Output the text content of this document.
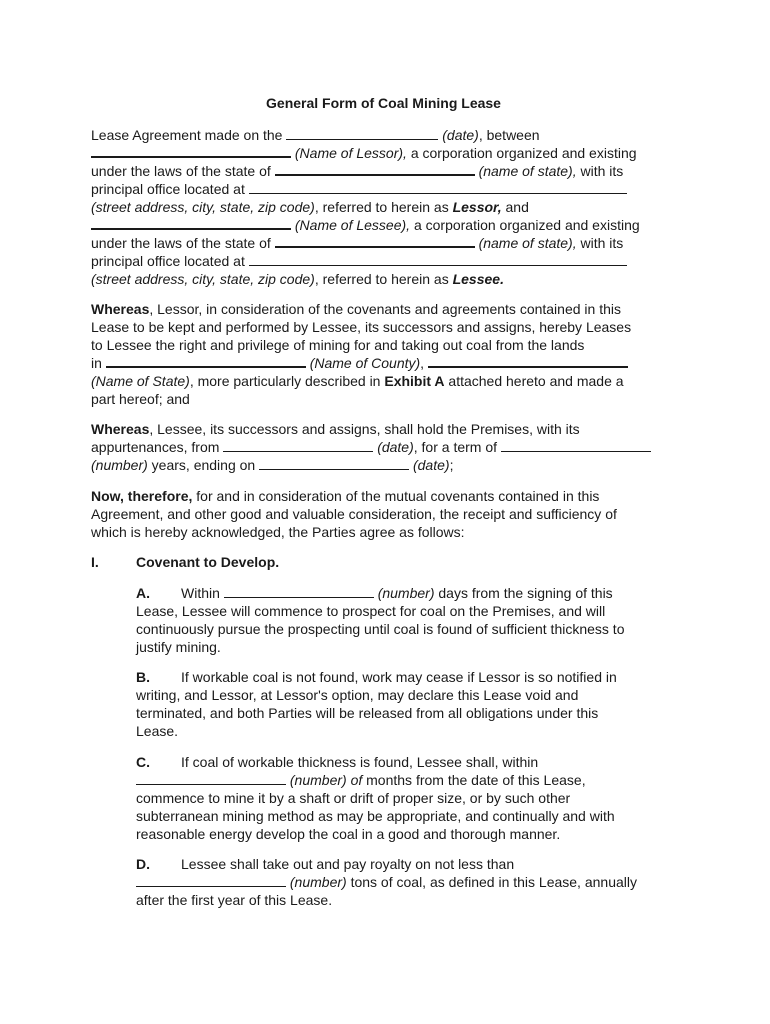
General Form of Coal Mining Lease
Lease Agreement made on the	(date), between
(Name of Lessor), a corporation organized and existing
under the laws of the state of	(name of state), with its
principal office located at
(street address, city, state, zip code), referred to herein as Lessor, and
(Name of Lessee), a corporation organized and existing
under the laws of the state of	(name of state), with its
principal office located at
(street address, city, state, zip code), referred to herein as Lessee.
Whereas, Lessor, in consideration of the covenants and agreements contained in this
Lease to be kept and performed by Lessee, its successors and assigns, hereby Leases
to Lessee the right and privilege of mining for and taking out coal from the lands
in	(Name of County),
(Name of State), more particularly described in Exhibit A attached hereto and made a
part hereof; and
Whereas, Lessee, its successors and assigns, shall hold the Premises, with its
appurtenances, from	(date), for a term of
(number) years, ending on	(date);
Now, therefore, for and in consideration of the mutual covenants contained in this
Agreement, and other good and valuable consideration, the receipt and sufficiency of
which is hereby acknowledged, the Parties agree as follows:
I.	Covenant to Develop.
A. Within	(number) days from the signing of this
Lease, Lessee will commence to prospect for coal on the Premises, and will
continuously pursue the prospecting until coal is found of sufficient thickness to
justify mining.
B. If workable coal is not found, work may cease if Lessor is so notified in
writing, and Lessor, at Lessor's option, may declare this Lease void and
terminated, and both Parties will be released from all obligations under this
Lease.
C. If coal of workable thickness is found, Lessee shall, within
(number) of months from the date of this Lease,
commence to mine it by a shaft or drift of proper size, or by such other
subterranean mining method as may be appropriate, and continually and with
reasonable energy develop the coal in a good and thorough manner.
D. Lessee shall take out and pay royalty on not less than
(number) tons of coal, as defined in this Lease, annually
after the first year of this Lease.
